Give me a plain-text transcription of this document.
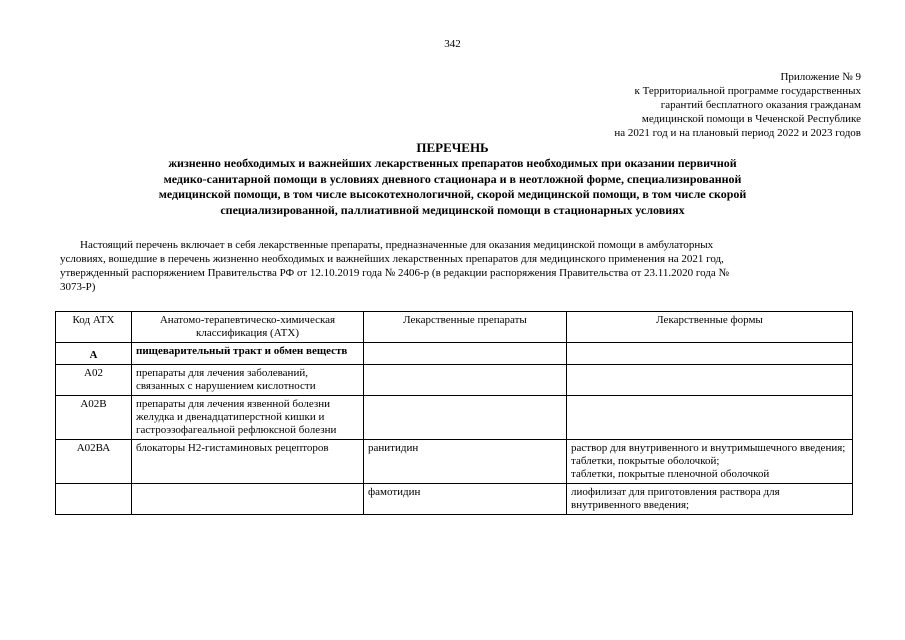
342
Приложение № 9
к Территориальной программе государственных
гарантий бесплатного оказания гражданам
медицинской помощи в Чеченской Республике
на 2021 год и на плановый период 2022 и 2023 годов
ПЕРЕЧЕНЬ
жизненно необходимых и важнейших лекарственных препаратов необходимых при оказании первичной
медико-санитарной помощи в условиях дневного стационара и в неотложной форме, специализированной
медицинской помощи, в том числе высокотехнологичной, скорой медицинской помощи, в том числе скорой
специализированной, паллиативной медицинской помощи в стационарных условиях
Настоящий перечень включает в себя лекарственные препараты, предназначенные для оказания медицинской помощи в амбулаторных
условиях, вошедшие в перечень жизненно необходимых и важнейших лекарственных препаратов для медицинского применения на 2021 год,
утвержденный распоряжением Правительства РФ от 12.10.2019 года № 2406-р (в редакции распоряжения Правительства от 23.11.2020 года №
3073-Р)
Код АТХ	Анатомо-терапевтическо-химическая классификация (АТХ)	Лекарственные препараты	Лекарственные формы
А	пищеварительный тракт и обмен веществ		
А02	препараты для лечения заболеваний, связанных с нарушением кислотности		
А02В	препараты для лечения язвенной болезни желудка и двенадцатиперстной кишки и гастроэзофагеальной рефлюксной болезни		
А02ВА	блокаторы Н2-гистаминовых рецепторов	ранитидин	раствор для внутривенного и внутримышечного введения;
таблетки, покрытые оболочкой;
таблетки, покрытые пленочной оболочкой

		фамотидин	лиофилизат для приготовления раствора для внутривенного введения;
